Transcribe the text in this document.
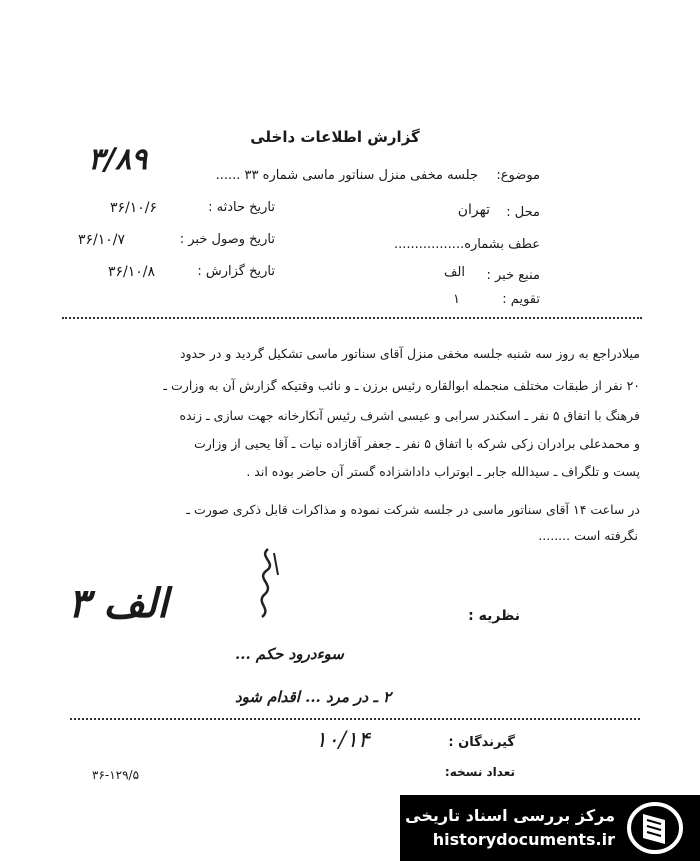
گزارش اطلاعات داخلی
۳/۸۹	موضوع:
جلسه مخفی منزل سناتور ماسی شماره ۳۳ ......
محل :
تهران
تاریخ حادثه :
۳۶/۱۰/۶
عطف بشماره.................
تاریخ وصول خبر :
۳۶/۱۰/۷
منبع خبر :
الف
تاریخ گزارش :
۳۶/۱۰/۸
تقویم :
۱
میلادراجع به روز سه شنبه جلسه مخفی منزل آقای سناتور ماسی تشکیل گردید و در حدود
۲۰ نفر از طبقات مختلف منجمله ابوالقاره رئیس برزن ـ و نائب وقتیکه گزارش آن به وزارت ـ
فرهنگ با اتفاق ۵ نفر ـ اسکندر سرابی و عیسی اشرف رئیس آنکارخانه جهت سازی ـ زنده
و محمدعلی برادران زکی شرکه با اتفاق ۵ نفر ـ جعفر آقازاده نیات ـ آقا یحیی از وزارت
پست و تلگراف ـ سیدالله جابر ـ ابوتراب داداشزاده گستر آن حاضر بوده اند .
در ساعت ۱۴ آقای سناتور ماسی در جلسه شرکت نموده و مذاکرات قابل ذکری صورت ـ
نگرفته است ........
نظریه :
الف ۳
سوءدرود حکم ...
۲ ـ در مرد ... اقدام شود
گیرندگان :
۱۰/۱۴
تعداد نسخه:
۳۶-۱۲۹/۵
مرکز بررسی اسناد تاریخی
historydocuments.ir
